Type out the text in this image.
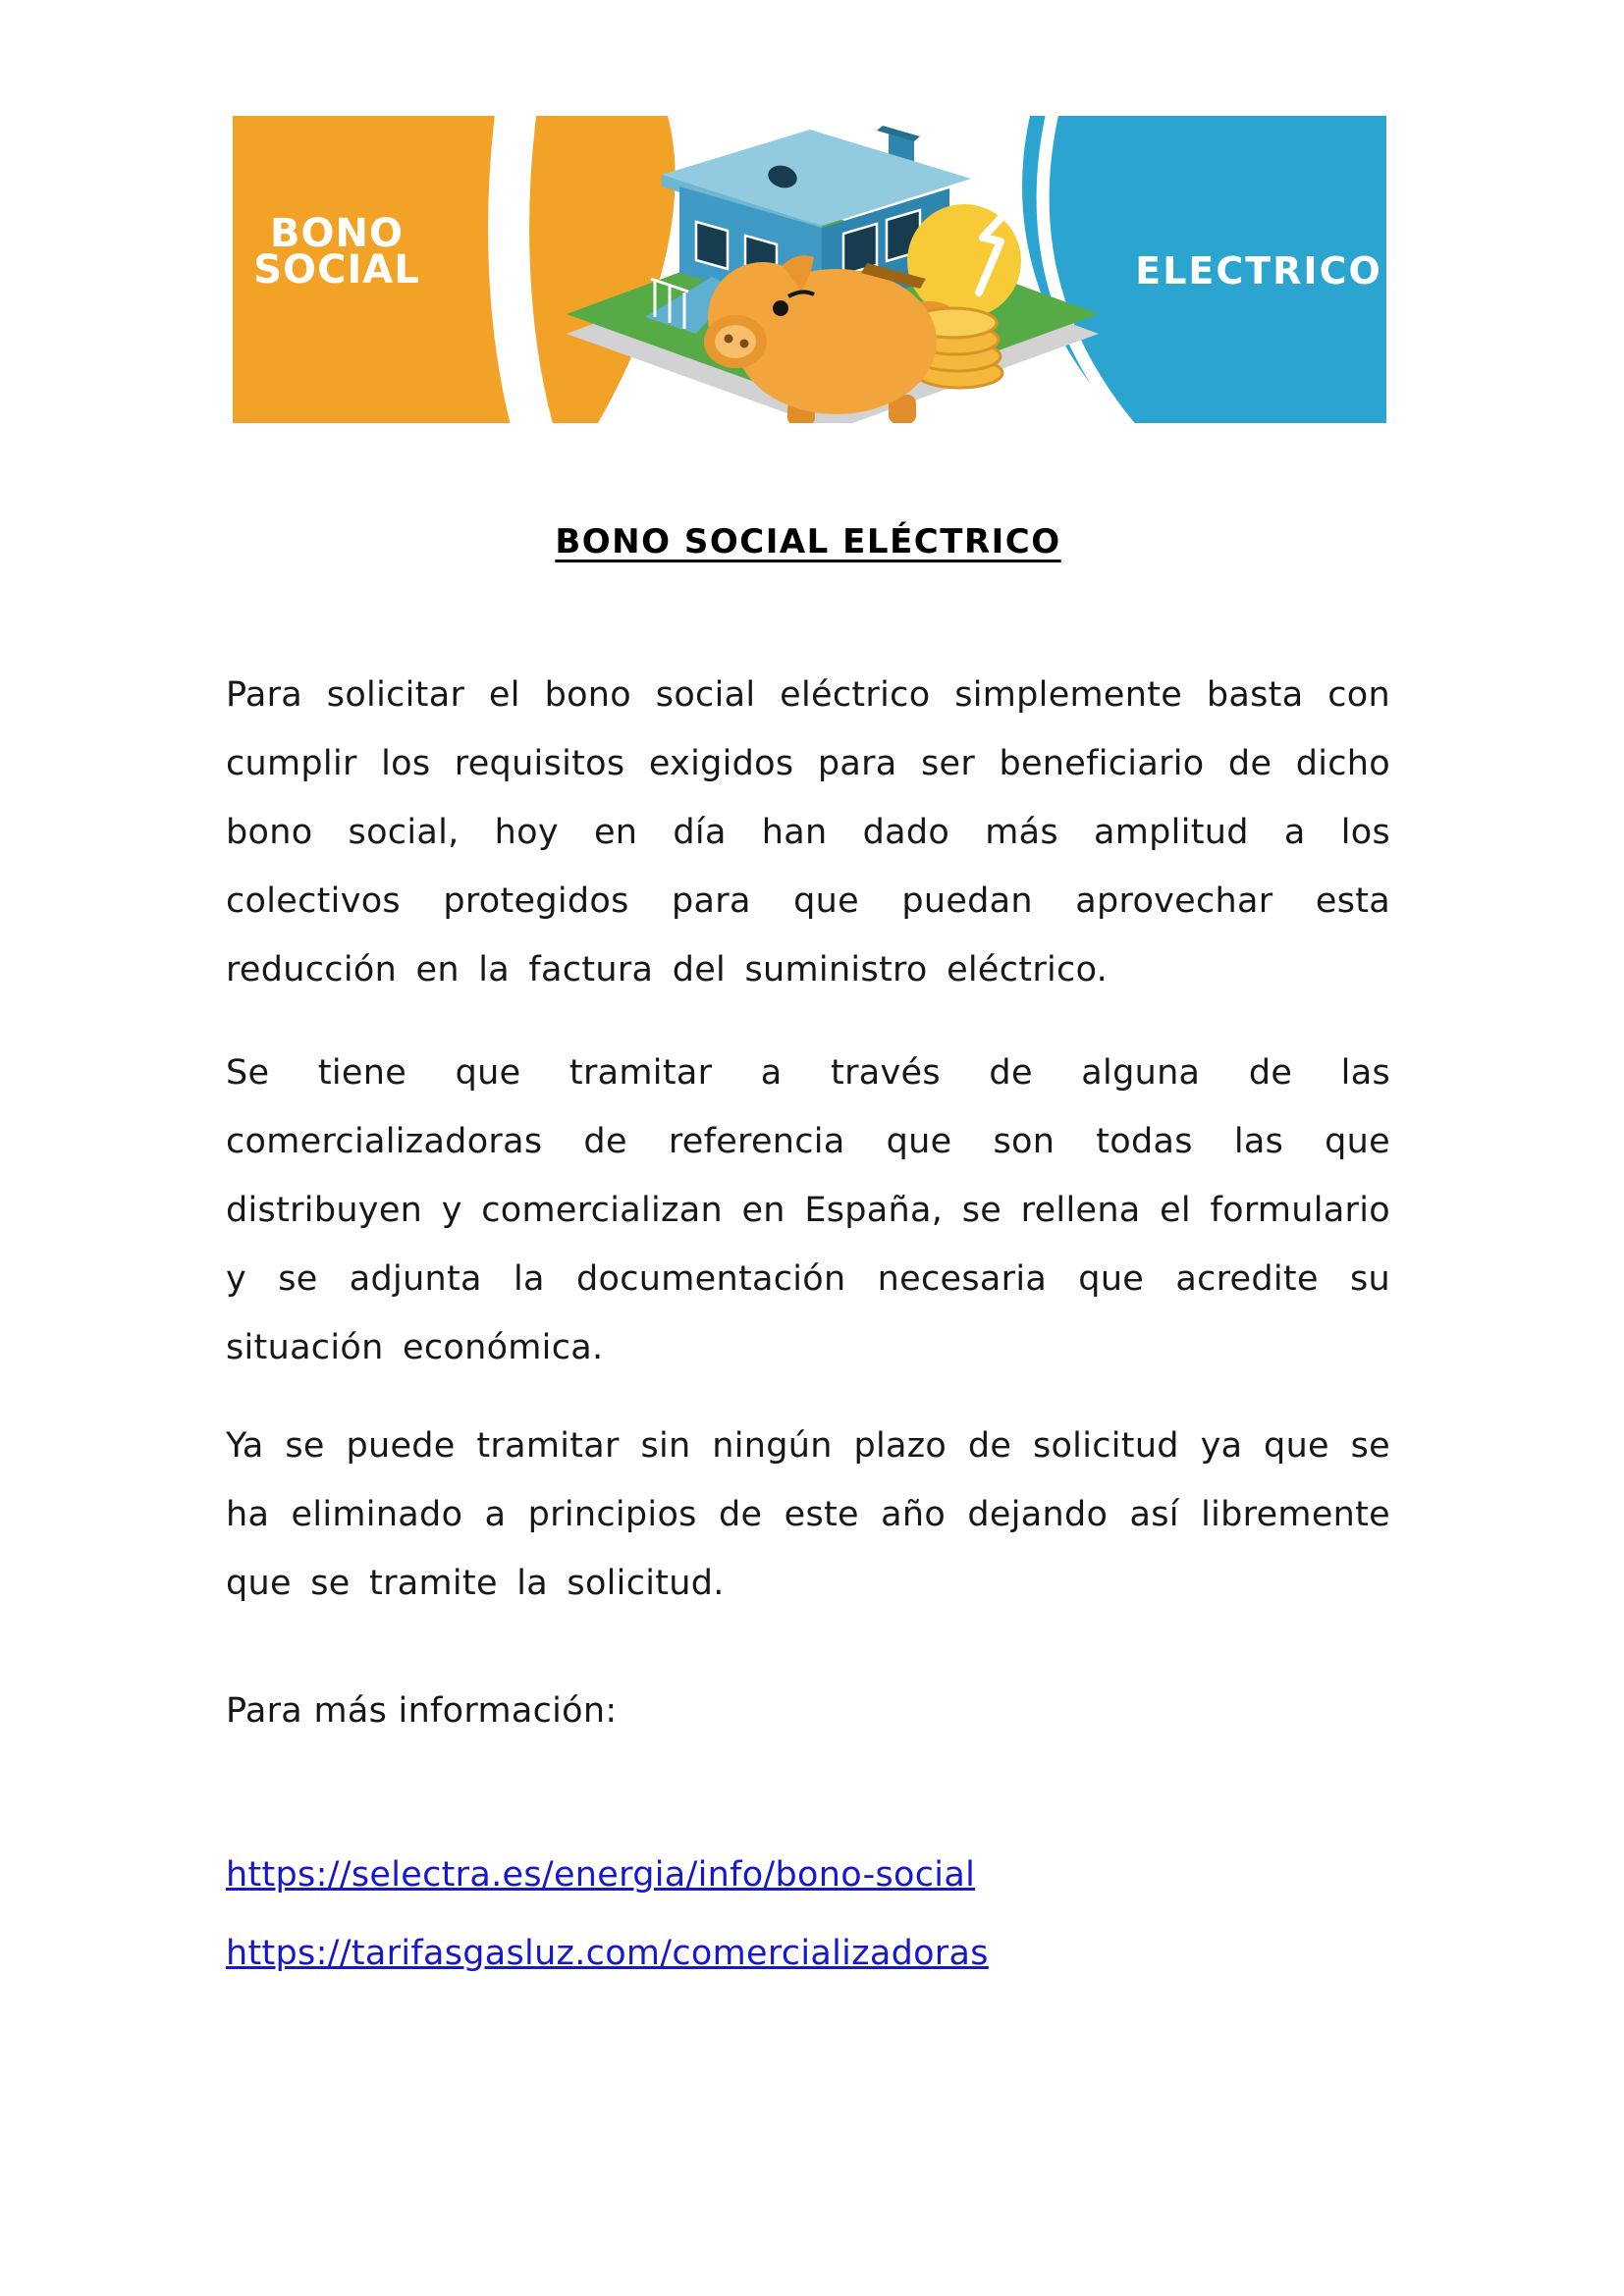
BONO
SOCIAL	ELECTRICO
BONO SOCIAL ELÉCTRICO
Para solicitar el bono social eléctrico simplemente basta con cumplir los requisitos exigidos para ser beneficiario de dicho bono social, hoy en día han dado más amplitud a los colectivos protegidos para que puedan aprovechar esta reducción en la factura del suministro eléctrico.
Se tiene que tramitar a través de alguna de las comercializadoras de referencia que son todas las que distribuyen y comercializan en España, se rellena el formulario y se adjunta la documentación necesaria que acredite su situación económica.
Ya se puede tramitar sin ningún plazo de solicitud ya que se ha eliminado a principios de este año dejando así libremente que se tramite la solicitud.
Para más información:
https://selectra.es/energia/info/bono-social
https://tarifasgasluz.com/comercializadoras
